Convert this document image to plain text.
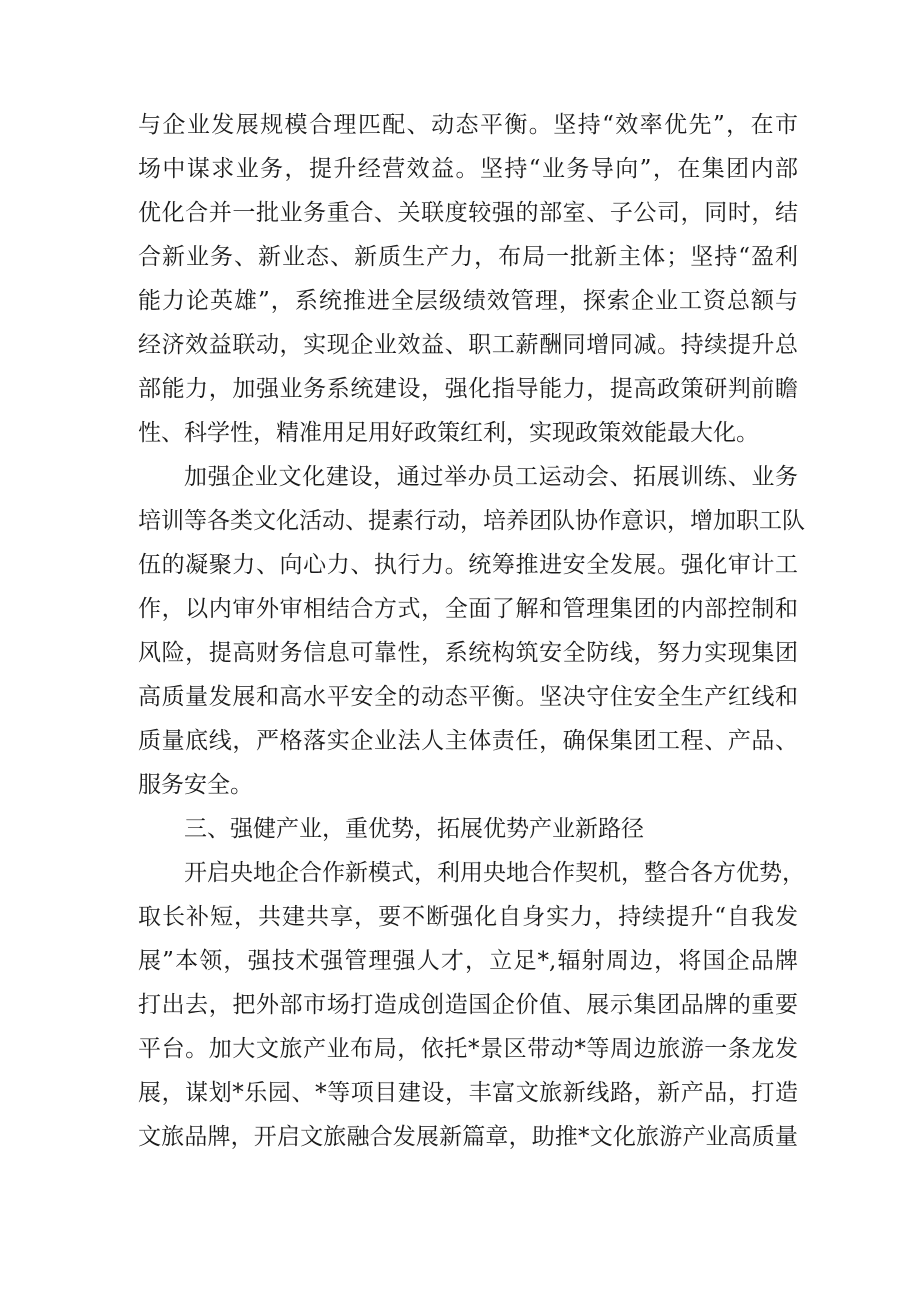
与企业发展规模合理匹配、动态平衡。坚持“效率优先”，在市
场中谋求业务，提升经营效益。坚持“业务导向”，在集团内部
优化合并一批业务重合、关联度较强的部室、子公司，同时，结
合新业务、新业态、新质生产力，布局一批新主体；坚持“盈利
能力论英雄”，系统推进全层级绩效管理，探索企业工资总额与
经济效益联动，实现企业效益、职工薪酬同增同减。持续提升总
部能力，加强业务系统建设，强化指导能力，提高政策研判前瞻
性、科学性，精准用足用好政策红利，实现政策效能最大化。
加强企业文化建设，通过举办员工运动会、拓展训练、业务
培训等各类文化活动、提素行动，培养团队协作意识，增加职工队
伍的凝聚力、向心力、执行力。统筹推进安全发展。强化审计工
作，以内审外审相结合方式，全面了解和管理集团的内部控制和
风险，提高财务信息可靠性，系统构筑安全防线，努力实现集团
高质量发展和高水平安全的动态平衡。坚决守住安全生产红线和
质量底线，严格落实企业法人主体责任，确保集团工程、产品、
服务安全。
三、强健产业，重优势，拓展优势产业新路径
开启央地企合作新模式，利用央地合作契机，整合各方优势，
取长补短，共建共享，要不断强化自身实力，持续提升“自我发
展”本领，强技术强管理强人才，立足*,辐射周边，将国企品牌
打出去，把外部市场打造成创造国企价值、展示集团品牌的重要
平台。加大文旅产业布局，依托*景区带动*等周边旅游一条龙发
展，谋划*乐园、*等项目建设，丰富文旅新线路，新产品，打造
文旅品牌，开启文旅融合发展新篇章，助推*文化旅游产业高质量
